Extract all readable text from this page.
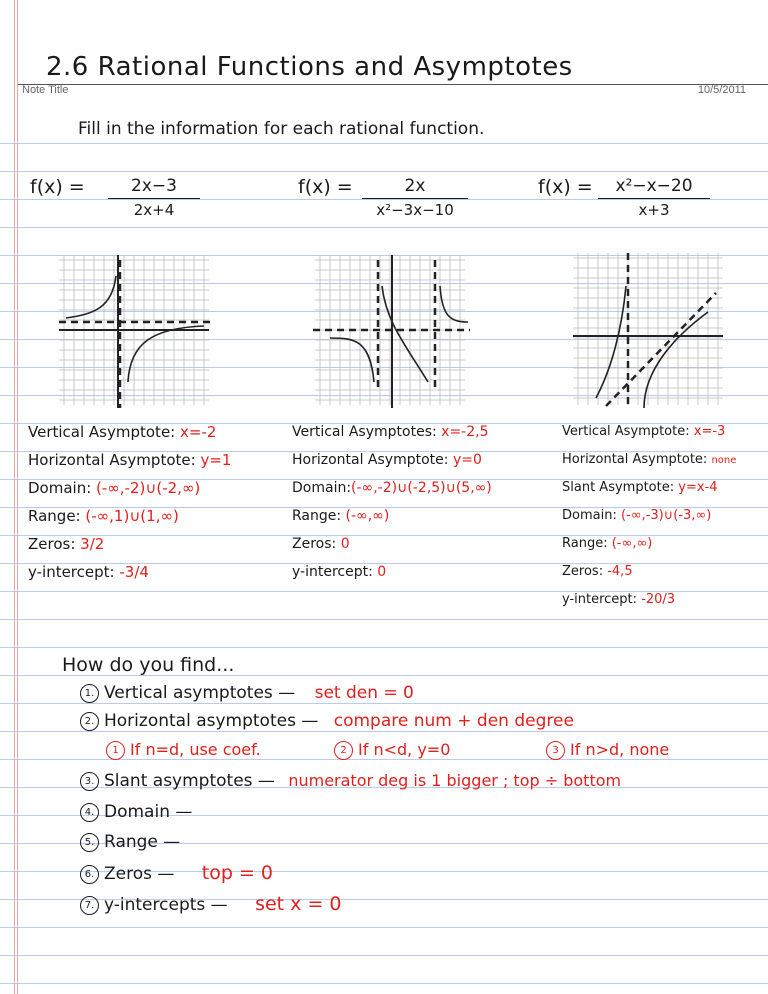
2.6 Rational Functions and Asymptotes
Note Title	10/5/2011
Fill in the information for each rational function.
f(x) =	2x−3
2x+4
f(x) =	2x
x²−3x−10
f(x) =	x²−x−20
x+3
Vertical Asymptote: x=-2
Horizontal Asymptote: y=1
Domain: (-∞,-2)∪(-2,∞)
Range: (-∞,1)∪(1,∞)
Zeros: 3/2
y-intercept: -3/4
Vertical Asymptotes: x=-2,5
Horizontal Asymptote: y=0
Domain:(-∞,-2)∪(-2,5)∪(5,∞)
Range: (-∞,∞)
Zeros: 0
y-intercept: 0
Vertical Asymptote: x=-3
Horizontal Asymptote: none
Slant Asymptote: y=x-4
Domain: (-∞,-3)∪(-3,∞)
Range: (-∞,∞)
Zeros: -4,5
y-intercept: -20/3
How do you find...
1. Vertical asymptotes — set den = 0
2. Horizontal asymptotes — compare num + den degree
1 If n=d, use coef.	2 If n<d, y=0	3 If n>d, none
3. Slant asymptotes — numerator deg is 1 bigger ; top ÷ bottom
4. Domain —
5. Range —
6. Zeros — top = 0
7. y-intercepts — set x = 0
